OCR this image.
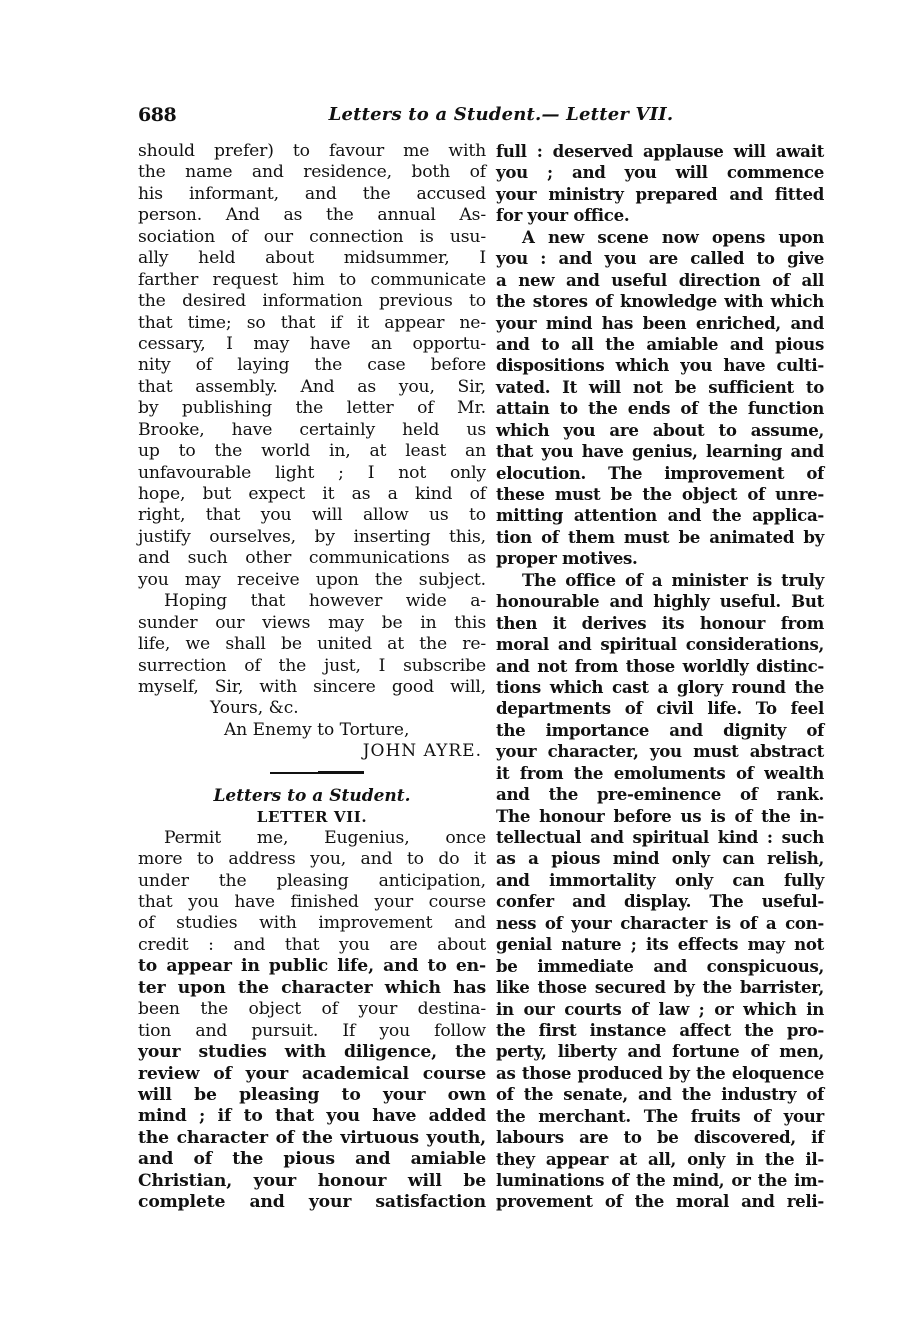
688	Letters to a Student.— Letter VII.
should prefer) to favour me with
the name and residence, both of
his informant, and the accused
person. And as the annual As-
sociation of our connection is usu-
ally held about midsummer, I
farther request him to communicate
the desired information previous to
that time; so that if it appear ne-
cessary, I may have an opportu-
nity of laying the case before
that assembly. And as you, Sir,
by publishing the letter of Mr.
Brooke, have certainly held us
up to the world in, at least an
unfavourable light ; I not only
hope, but expect it as a kind of
right, that you will allow us to
justify ourselves, by inserting this,
and such other communications as
you may receive upon the subject.
Hoping that however wide a-
sunder our views may be in this
life, we shall be united at the re-
surrection of the just, I subscribe
myself, Sir, with sincere good will,
Yours, &c.
An Enemy to Torture,
JOHN AYRE.
Letters to a Student.
LETTER VII.
Permit me, Eugenius, once
more to address you, and to do it
under the pleasing anticipation,
that you have finished your course
of studies with improvement and
credit : and that you are about
to appear in public life, and to en-
ter upon the character which has
been the object of your destina-
tion and pursuit. If you follow
your studies with diligence, the
review of your academical course
will be pleasing to your own
mind ; if to that you have added
the character of the virtuous youth,
and of the pious and amiable
Christian, your honour will be
complete and your satisfaction
full : deserved applause will await
you ; and you will commence
your ministry prepared and fitted
for your office.
A new scene now opens upon
you : and you are called to give
a new and useful direction of all
the stores of knowledge with which
your mind has been enriched, and
and to all the amiable and pious
dispositions which you have culti-
vated. It will not be sufficient to
attain to the ends of the function
which you are about to assume,
that you have genius, learning and
elocution. The improvement of
these must be the object of unre-
mitting attention and the applica-
tion of them must be animated by
proper motives.
The office of a minister is truly
honourable and highly useful. But
then it derives its honour from
moral and spiritual considerations,
and not from those worldly distinc-
tions which cast a glory round the
departments of civil life. To feel
the importance and dignity of
your character, you must abstract
it from the emoluments of wealth
and the pre-eminence of rank.
The honour before us is of the in-
tellectual and spiritual kind : such
as a pious mind only can relish,
and immortality only can fully
confer and display. The useful-
ness of your character is of a con-
genial nature ; its effects may not
be immediate and conspicuous,
like those secured by the barrister,
in our courts of law ; or which in
the first instance affect the pro-
perty, liberty and fortune of men,
as those produced by the eloquence
of the senate, and the industry of
the merchant. The fruits of your
labours are to be discovered, if
they appear at all, only in the il-
luminations of the mind, or the im-
provement of the moral and reli-
